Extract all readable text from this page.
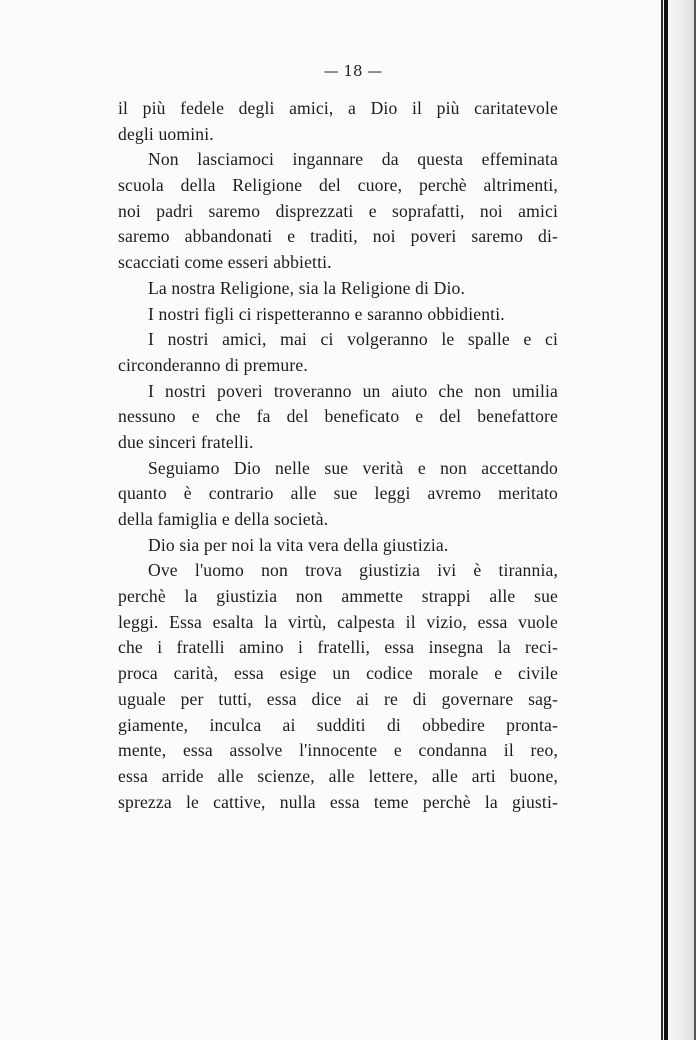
— 18 —
il più fedele degli amici, a Dio il più caritatevole
degli uomini.
Non lasciamoci ingannare da questa effeminata
scuola della Religione del cuore, perchè altrimenti,
noi padri saremo disprezzati e soprafatti, noi amici
saremo abbandonati e traditi, noi poveri saremo di-
scacciati come esseri abbietti.
La nostra Religione, sia la Religione di Dio.
I nostri figli ci rispetteranno e saranno obbidienti.
I nostri amici, mai ci volgeranno le spalle e ci
circonderanno di premure.
I nostri poveri troveranno un aiuto che non umilia
nessuno e che fa del beneficato e del benefattore
due sinceri fratelli.
Seguiamo Dio nelle sue verità e non accettando
quanto è contrario alle sue leggi avremo meritato
della famiglia e della società.
Dio sia per noi la vita vera della giustizia.
Ove l'uomo non trova giustizia ivi è tirannia,
perchè la giustizia non ammette strappi alle sue
leggi. Essa esalta la virtù, calpesta il vizio, essa vuole
che i fratelli amino i fratelli, essa insegna la reci-
proca carità, essa esige un codice morale e civile
uguale per tutti, essa dice ai re di governare sag-
giamente, inculca ai sudditi di obbedire pronta-
mente, essa assolve l'innocente e condanna il reo,
essa arride alle scienze, alle lettere, alle arti buone,
sprezza le cattive, nulla essa teme perchè la giusti-
